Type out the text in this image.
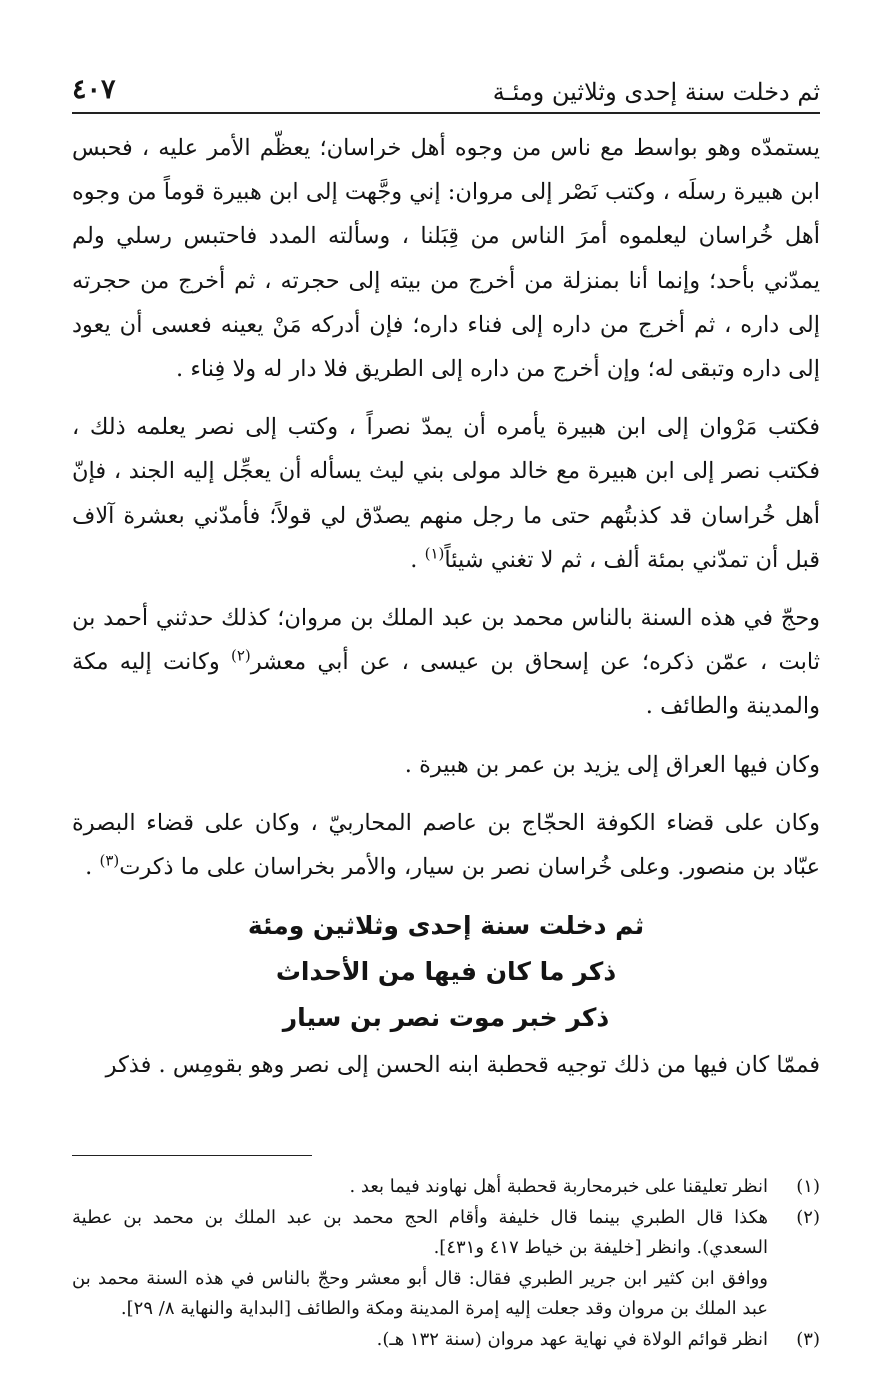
ثم دخلت سنة إحدى وثلاثين ومئـة
٤٠٧

يستمدّه وهو بواسط مع ناس من وجوه أهل خراسان؛ يعظّم الأمر عليه ، فحبس ابن هبيرة رسلَه ، وكتب نَصْر إلى مروان: إني وجَّهت إلى ابن هبيرة قوماً من وجوه أهل خُراسان ليعلموه أمرَ الناس من قِبَلنا ، وسألته المدد فاحتبس رسلي ولم يمدّني بأحد؛ وإنما أنا بمنزلة من أخرج من بيته إلى حجرته ، ثم أخرج من حجرته إلى داره ، ثم أخرج من داره إلى فناء داره؛ فإن أدركه مَنْ يعينه فعسى أن يعود إلى داره وتبقى له؛ وإن أخرج من داره إلى الطريق فلا دار له ولا فِناء .

فكتب مَرْوان إلى ابن هبيرة يأمره أن يمدّ نصراً ، وكتب إلى نصر يعلمه ذلك ، فكتب نصر إلى ابن هبيرة مع خالد مولى بني ليث يسأله أن يعجِّل إليه الجند ، فإنّ أهل خُراسان قد كذبتُهم حتى ما رجل منهم يصدّق لي قولاً؛ فأمدّني بعشرة آلاف قبل أن تمدّني بمئة ألف ، ثم لا تغني شيئاً$^{(١)}$ .

وحجّ في هذه السنة بالناس محمد بن عبد الملك بن مروان؛ كذلك حدثني أحمد بن ثابت ، عمّن ذكره؛ عن إسحاق بن عيسى ، عن أبي معشر$^{(٢)}$ وكانت إليه مكة والمدينة والطائف .

وكان فيها العراق إلى يزيد بن عمر بن هبيرة .

وكان على قضاء الكوفة الحجّاج بن عاصم المحاربيّ ، وكان على قضاء البصرة عبّاد بن منصور. وعلى خُراسان نصر بن سيار، والأمر بخراسان على ما ذكرت$^{(٣)}$ .

ثم دخلت سنة إحدى وثلاثين ومئة
ذكر ما كان فيها من الأحداث
ذكر خبر موت نصر بن سيار

فممّا كان فيها من ذلك توجيه قحطبة ابنه الحسن إلى نصر وهو بقومِس . فذكر

(١)
انظر تعليقنا على خبرمحاربة قحطبة أهل نهاوند فيما بعد .
(٢)
هكذا قال الطبري بينما قال خليفة وأقام الحج محمد بن عبد الملك بن محمد بن عطية السعدي). وانظر [خليفة بن خياط ٤١٧ و٤٣١].
ووافق ابن كثير ابن جرير الطبري فقال: قال أبو معشر وحجّ بالناس في هذه السنة محمد بن عبد الملك بن مروان وقد جعلت إليه إمرة المدينة ومكة والطائف [البداية والنهاية ٨/ ٢٩].
(٣)
انظر قوائم الولاة في نهاية عهد مروان (سنة ١٣٢ هـ).
